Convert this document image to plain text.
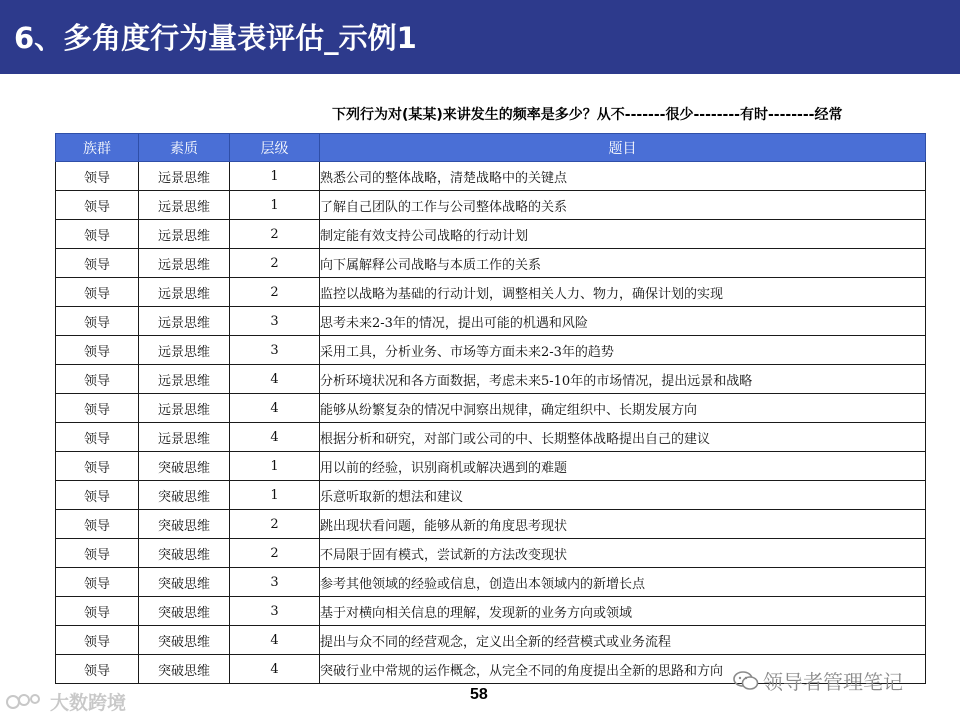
6、多角度行为量表评估_示例1
下列行为对(某某)来讲发生的频率是多少？从不-------很少--------有时--------经常
族群	素质	层级	题目
领导	远景思维	1	熟悉公司的整体战略，清楚战略中的关键点
领导	远景思维	1	了解自己团队的工作与公司整体战略的关系
领导	远景思维	2	制定能有效支持公司战略的行动计划
领导	远景思维	2	向下属解释公司战略与本质工作的关系
领导	远景思维	2	监控以战略为基础的行动计划，调整相关人力、物力，确保计划的实现
领导	远景思维	3	思考未来2-3年的情况，提出可能的机遇和风险
领导	远景思维	3	采用工具，分析业务、市场等方面未来2-3年的趋势
领导	远景思维	4	分析环境状况和各方面数据，考虑未来5-10年的市场情况，提出远景和战略
领导	远景思维	4	能够从纷繁复杂的情况中洞察出规律，确定组织中、长期发展方向
领导	远景思维	4	根据分析和研究，对部门或公司的中、长期整体战略提出自己的建议
领导	突破思维	1	用以前的经验，识别商机或解决遇到的难题
领导	突破思维	1	乐意听取新的想法和建议
领导	突破思维	2	跳出现状看问题，能够从新的角度思考现状
领导	突破思维	2	不局限于固有模式，尝试新的方法改变现状
领导	突破思维	3	参考其他领域的经验或信息，创造出本领域内的新增长点
领导	突破思维	3	基于对横向相关信息的理解，发现新的业务方向或领域
领导	突破思维	4	提出与众不同的经营观念，定义出全新的经营模式或业务流程
领导	突破思维	4	突破行业中常规的运作概念，从完全不同的角度提出全新的思路和方向
58
大数跨境
领导者管理笔记
